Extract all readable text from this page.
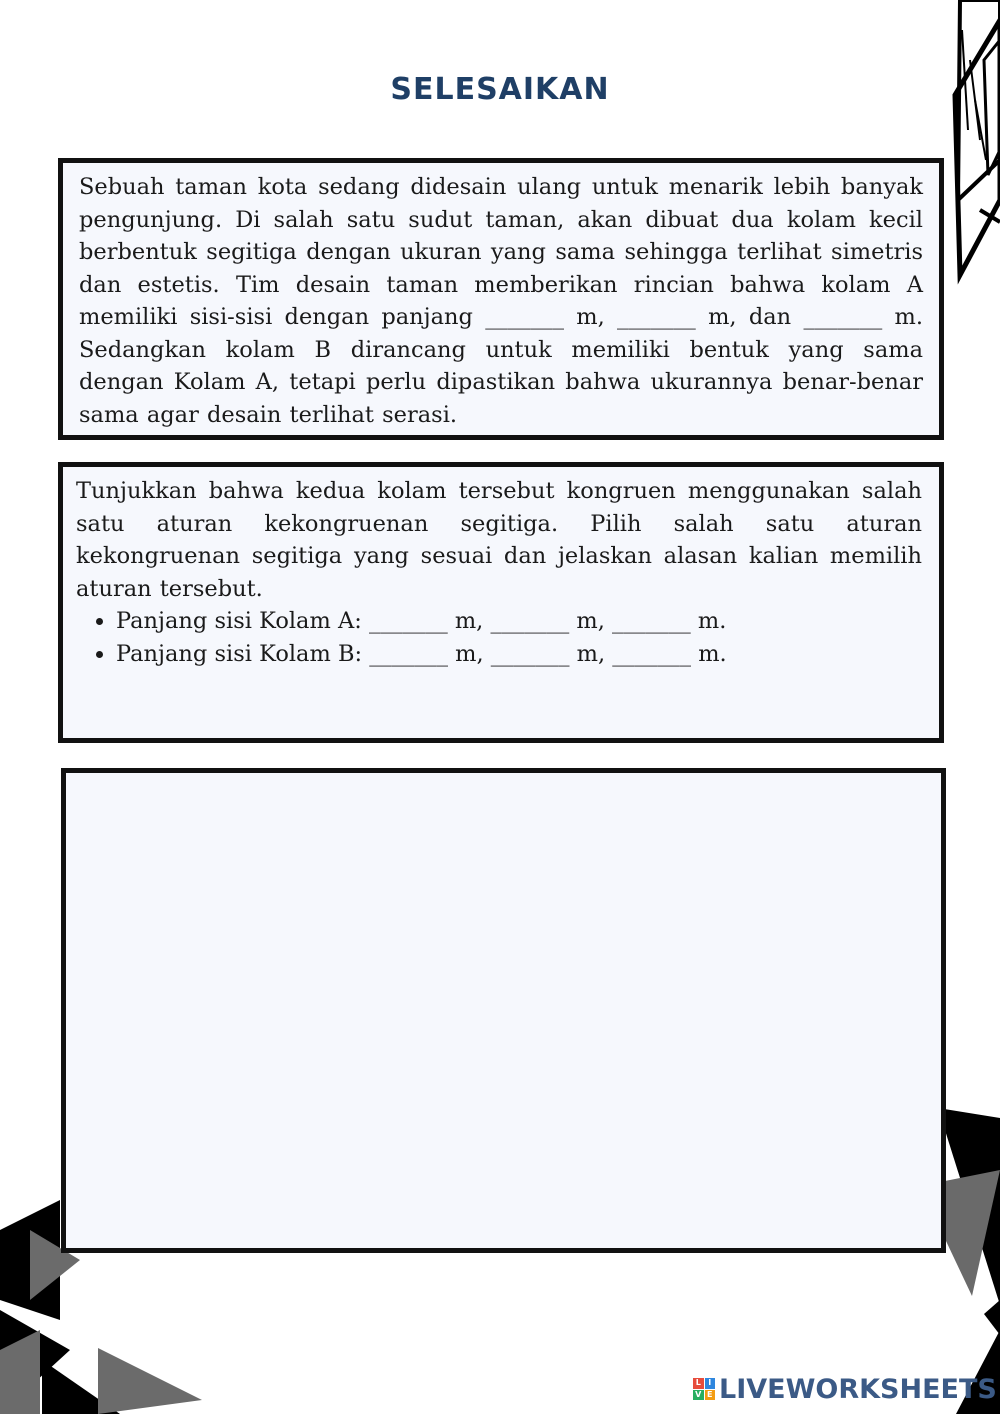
SELESAIKAN

Sebuah taman kota sedang didesain ulang untuk menarik lebih banyak pengunjung. Di salah satu sudut taman, akan dibuat dua kolam kecil berbentuk segitiga dengan ukuran yang sama sehingga terlihat simetris dan estetis. Tim desain taman memberikan rincian bahwa kolam A memiliki sisi-sisi dengan panjang _______ m, _______ m, dan _______ m. Sedangkan kolam B dirancang untuk memiliki bentuk yang sama dengan Kolam A, tetapi perlu dipastikan bahwa ukurannya benar-benar sama agar desain terlihat serasi.

Tunjukkan bahwa kedua kolam tersebut kongruen menggunakan salah satu aturan kekongruenan segitiga. Pilih salah satu aturan kekongruenan segitiga yang sesuai dan jelaskan alasan kalian memilih aturan tersebut.

• Panjang sisi Kolam A: _______ m, _______ m, _______ m.
• Panjang sisi Kolam B: _______ m, _______ m, _______ m.
L I
V E LIVEWORKSHEETS
